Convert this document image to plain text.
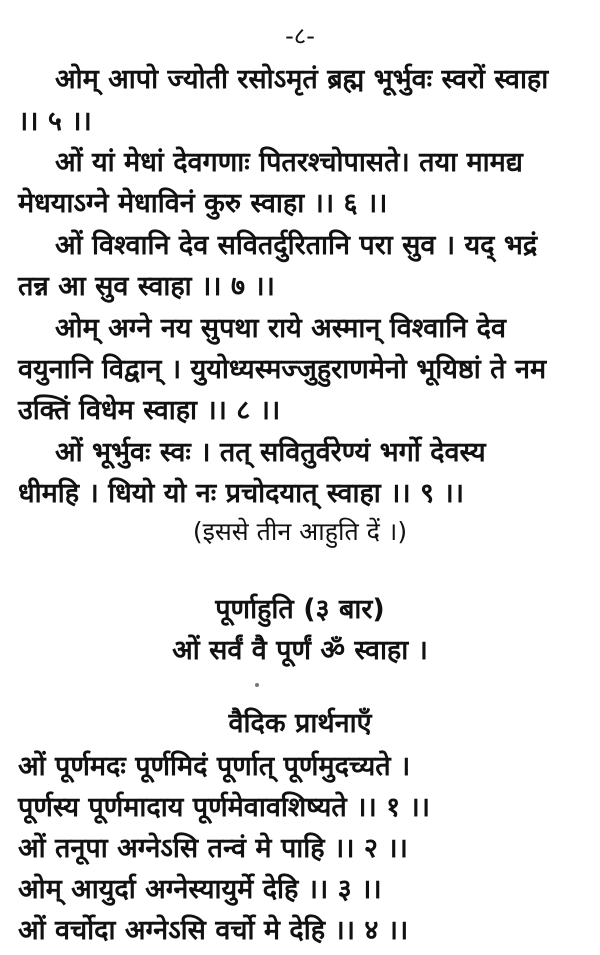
-८-
ओम् आपो ज्योती रसोऽमृतं ब्रह्म भूर्भुवः स्वरों स्वाहा
।। ५ ।।
ओं यां मेधां देवगणाः पितरश्चोपासते। तया मामद्य
मेधयाऽग्ने मेधाविनं कुरु स्वाहा ।। ६ ।।
ओं विश्वानि देव सवितर्दुरितानि परा सुव । यद् भद्रं
तन्न आ सुव स्वाहा ।। ७ ।।
ओम् अग्ने नय सुपथा राये अस्मान् विश्वानि देव
वयुनानि विद्वान् । युयोध्यस्मज्जुहुराणमेनो भूयिष्ठां ते नम
उक्तिं विधेम स्वाहा ।। ८ ।।
ओं भूर्भुवः स्वः । तत् सवितुर्वरेण्यं भर्गो देवस्य
धीमहि । धियो यो नः प्रचोदयात् स्वाहा ।। ९ ।।
(इससे तीन आहुति दें ।)
पूर्णाहुति (३ बार)
ओं सर्वं वै पूर्णं ॐ स्वाहा ।
वैदिक प्रार्थनाएँ
ओं पूर्णमदः पूर्णमिदं पूर्णात् पूर्णमुदच्यते ।
पूर्णस्य पूर्णमादाय पूर्णमेवावशिष्यते ।। १ ।।
ओं तनूपा अग्नेऽसि तन्वं मे पाहि ।। २ ।।
ओम् आयुर्दा अग्नेस्यायुर्मे देहि ।। ३ ।।
ओं वर्चोदा अग्नेऽसि वर्चो मे देहि ।। ४ ।।
